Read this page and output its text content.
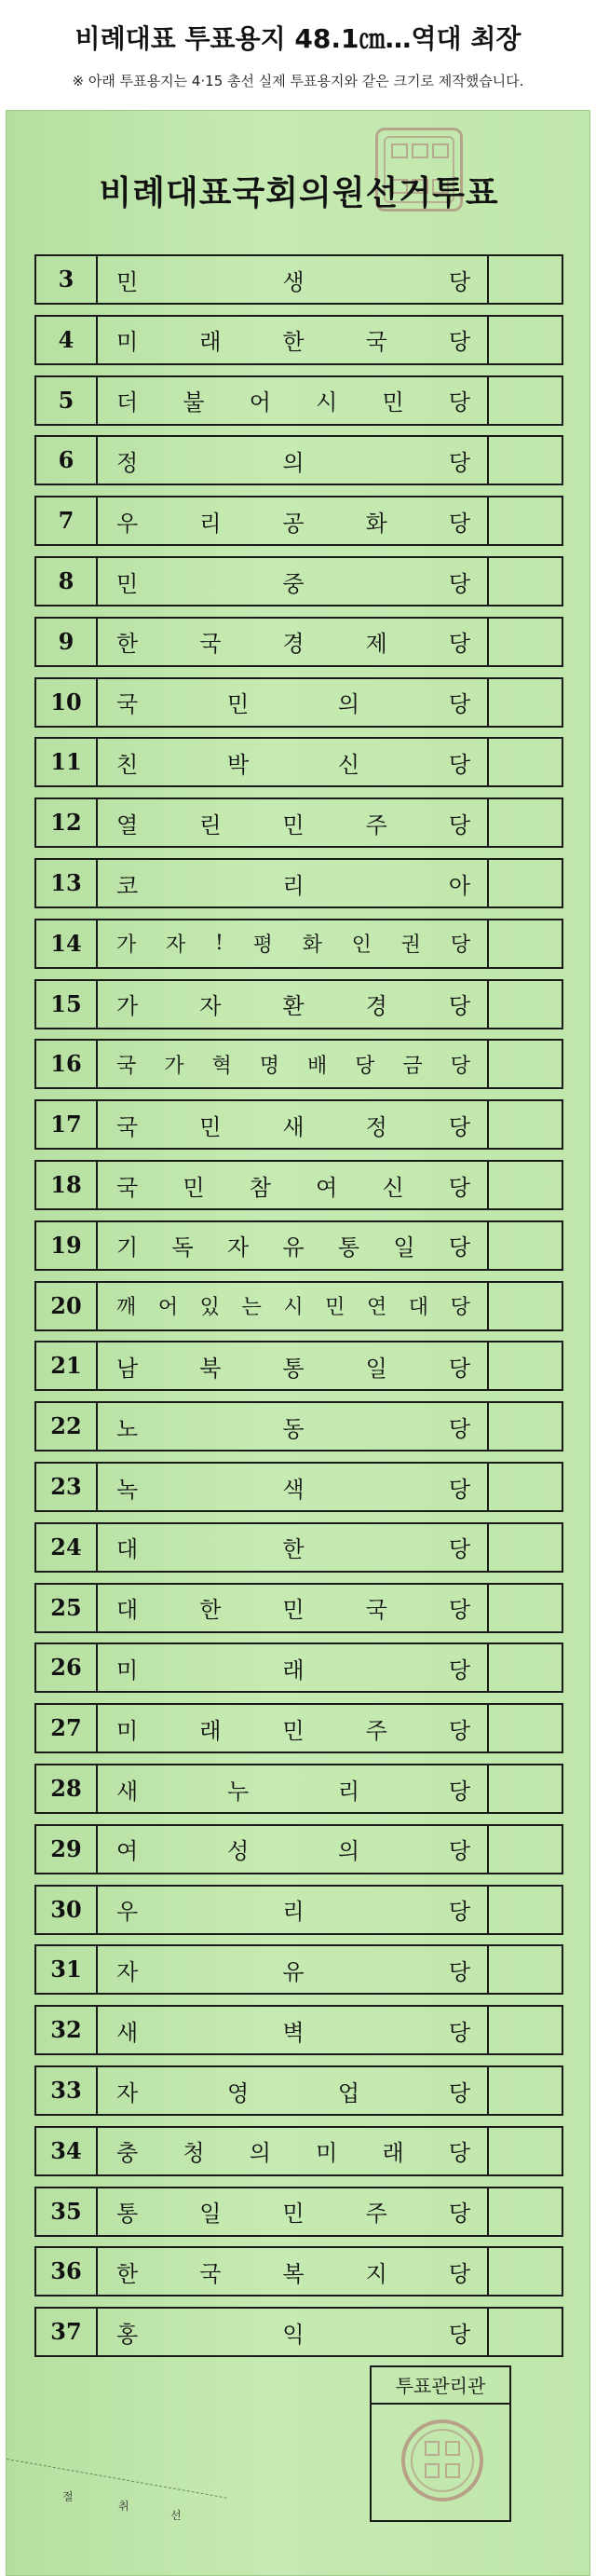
비례대표 투표용지 48.1㎝…역대 최장
※ 아래 투표용지는 4·15 총선 실제 투표용지와 같은 크기로 제작했습니다.
비례대표국회의원선거투표
3	민	생	당
4	미	래	한	국	당
5	더 불 어 시 민 당
6	정	의	당
7	우	리	공	화	당
8	민	중	당
9	한	국	경	제	당
10	국	민	의	당
11	친	박	신	당
12	열	린	민	주	당
13	코	리	아
14	가 자 ! 평 화 인 권 당
15	가	자	환	경	당
16	국 가 혁 명 배 당 금 당
17	국	민	새	정	당
18	국 민 참 여 신 당
19	기 독 자 유 통 일 당
20	깨 어 있 는 시 민 연 대 당
21	남	북	통	일	당
22	노	동	당
23	녹	색	당
24	대	한	당
25	대	한	민	국	당
26	미	래	당
27	미	래	민	주	당
28	새	누	리	당
29	여	성	의	당
30	우	리	당
31	자	유	당
32	새	벽	당
33	자	영	업	당
34	충 청 의 미 래 당
35	통	일	민	주	당
36	한	국	복	지	당
37	홍	익	당
투표관리관
절
취
선
